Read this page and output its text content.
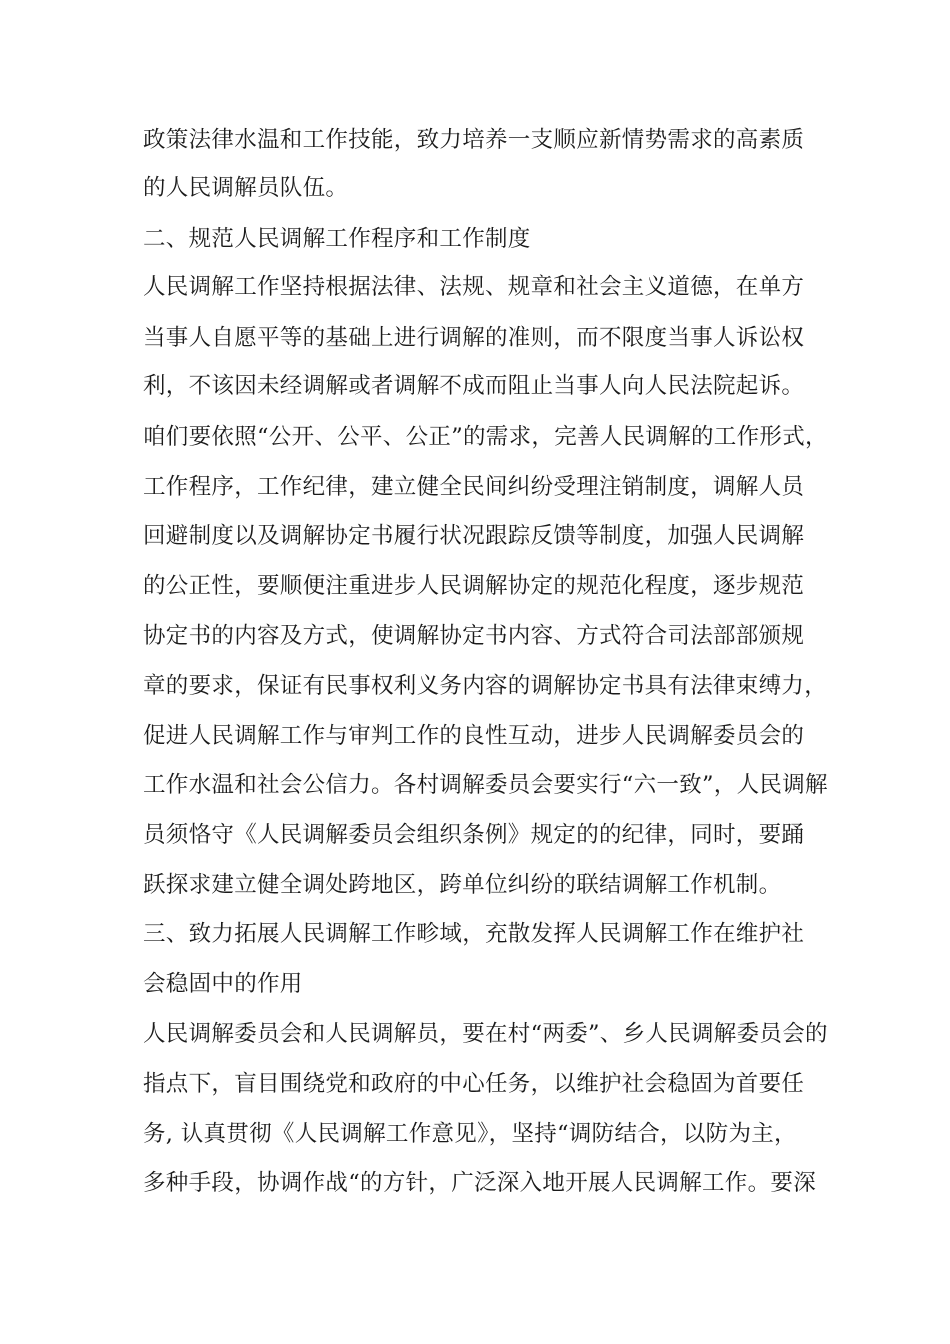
政策法律水温和工作技能，致力培养一支顺应新情势需求的高素质
的人民调解员队伍。
二、规范人民调解工作程序和工作制度
人民调解工作坚持根据法律、法规、规章和社会主义道德，在单方
当事人自愿平等的基础上进行调解的准则，而不限度当事人诉讼权
利，不该因未经调解或者调解不成而阻止当事人向人民法院起诉。
咱们要依照“公开、公平、公正”的需求，完善人民调解的工作形式，
工作程序，工作纪律，建立健全民间纠纷受理注销制度，调解人员
回避制度以及调解协定书履行状况跟踪反馈等制度，加强人民调解
的公正性，要顺便注重进步人民调解协定的规范化程度，逐步规范
协定书的内容及方式，使调解协定书内容、方式符合司法部部颁规
章的要求，保证有民事权利义务内容的调解协定书具有法律束缚力，
促进人民调解工作与审判工作的良性互动，进步人民调解委员会的
工作水温和社会公信力。各村调解委员会要实行“六一致”，人民调解
员须恪守《人民调解委员会组织条例》规定的的纪律，同时，要踊
跃探求建立健全调处跨地区，跨单位纠纷的联结调解工作机制。
三、致力拓展人民调解工作畛域，充散发挥人民调解工作在维护社
会稳固中的作用
人民调解委员会和人民调解员，要在村“两委”、乡人民调解委员会的
指点下，盲目围绕党和政府的中心任务，以维护社会稳固为首要任
务, 认真贯彻《人民调解工作意见》，坚持“调防结合，以防为主，
多种手段，协调作战“的方针，广泛深入地开展人民调解工作。要深
